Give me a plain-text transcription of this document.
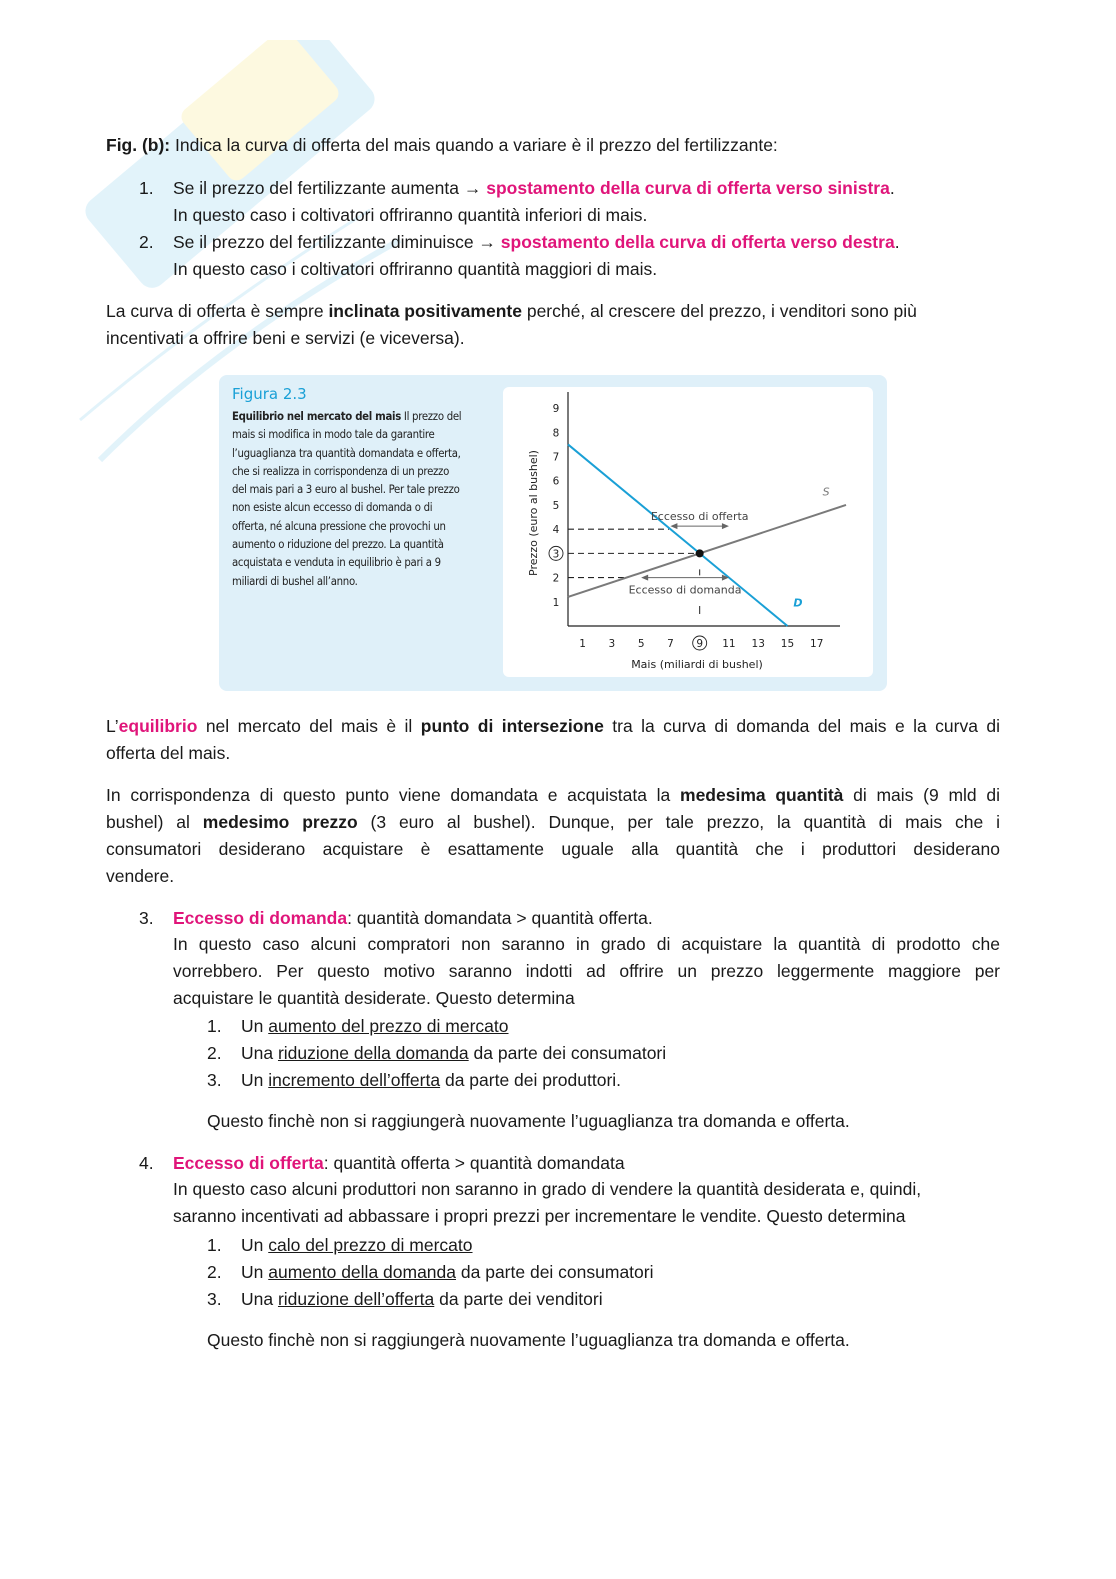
Fig. (b): Indica la curva di offerta del mais quando a variare è il prezzo del fertilizzante:
1. Se il prezzo del fertilizzante aumenta → spostamento della curva di offerta verso sinistra.
In questo caso i coltivatori offriranno quantità inferiori di mais.
2. Se il prezzo del fertilizzante diminuisce → spostamento della curva di offerta verso destra.
In questo caso i coltivatori offriranno quantità maggiori di mais.
La curva di offerta è sempre inclinata positivamente perché, al crescere del prezzo, i venditori sono più
incentivati a offrire beni e servizi (e viceversa).
Figura 2.3
Equilibrio nel mercato del mais Il prezzo del
mais si modifica in modo tale da garantire
l’uguaglianza tra quantità domandata e offerta,
che si realizza in corrispondenza di un prezzo
del mais pari a 3 euro al bushel. Per tale prezzo
non esiste alcun eccesso di domanda o di
offerta, né alcuna pressione che provochi un
aumento o riduzione del prezzo. La quantità
acquistata e venduta in equilibrio è pari a 9
miliardi di bushel all’anno.
1 3 5 7 9 11 13 15 17
1
2
3
4
5
6
7
8
9
Mais (miliardi di bushel)
Prezzo (euro al bushel)
D
S
Eccesso di offerta
Eccesso di domanda
L’equilibrio nel mercato del mais è il punto di intersezione tra la curva di domanda del mais e la curva di
offerta del mais.
In corrispondenza di questo punto viene domandata e acquistata la medesima quantità di mais (9 mld di
bushel) al medesimo prezzo (3 euro al bushel). Dunque, per tale prezzo, la quantità di mais che i
consumatori desiderano acquistare è esattamente uguale alla quantità che i produttori desiderano
vendere.
3. Eccesso di domanda: quantità domandata > quantità offerta.
In questo caso alcuni compratori non saranno in grado di acquistare la quantità di prodotto che
vorrebbero. Per questo motivo saranno indotti ad offrire un prezzo leggermente maggiore per
acquistare le quantità desiderate. Questo determina
1. Un aumento del prezzo di mercato
2. Una riduzione della domanda da parte dei consumatori
3. Un incremento dell’offerta da parte dei produttori.
Questo finchè non si raggiungerà nuovamente l’uguaglianza tra domanda e offerta.
4. Eccesso di offerta: quantità offerta > quantità domandata
In questo caso alcuni produttori non saranno in grado di vendere la quantità desiderata e, quindi,
saranno incentivati ad abbassare i propri prezzi per incrementare le vendite. Questo determina
1. Un calo del prezzo di mercato
2. Un aumento della domanda da parte dei consumatori
3. Una riduzione dell’offerta da parte dei venditori
Questo finchè non si raggiungerà nuovamente l’uguaglianza tra domanda e offerta.
